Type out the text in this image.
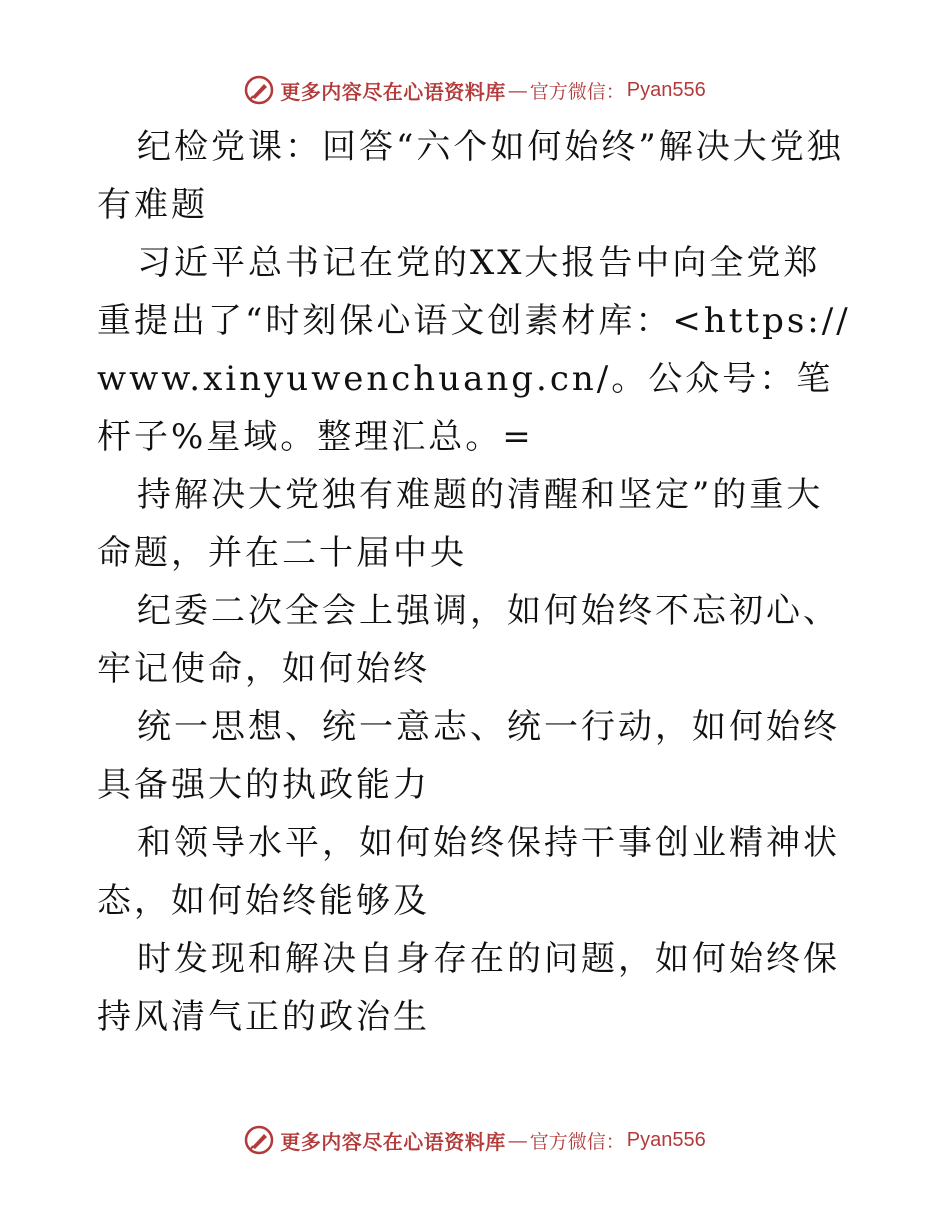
更多内容尽在心语资料库 — 官方微信： Pyan556

纪检党课：回答“六个如何始终”解决大党独有难题

习近平总书记在党的XX大报告中向全党郑重提出了“时刻保心语文创素材库：<https://www.xinyuwenchuang.cn/。公众号：笔杆子%星域。整理汇总。=

持解决大党独有难题的清醒和坚定”的重大命题，并在二十届中央

纪委二次全会上强调，如何始终不忘初心、牢记使命，如何始终

统一思想、统一意志、统一行动，如何始终具备强大的执政能力

和领导水平，如何始终保持干事创业精神状态，如何始终能够及

时发现和解决自身存在的问题，如何始终保持风清气正的政治生

更多内容尽在心语资料库 — 官方微信： Pyan556
